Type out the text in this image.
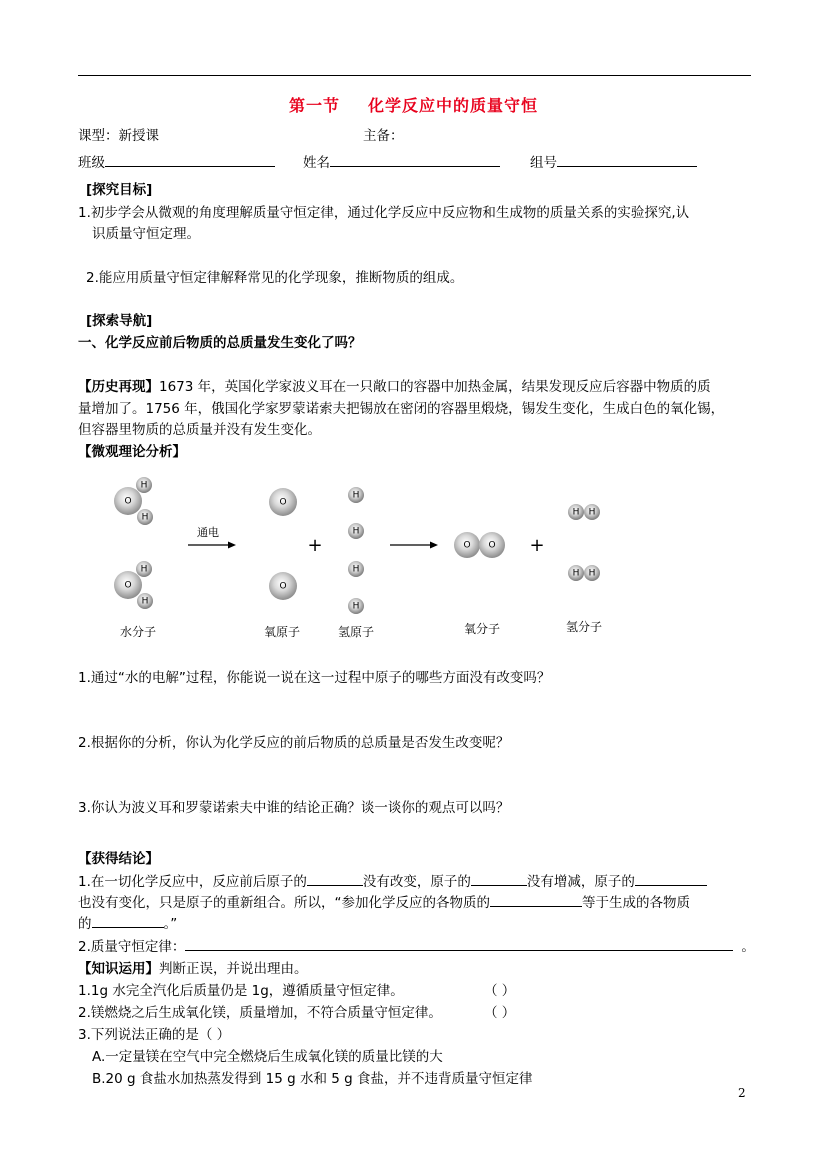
第一节 化学反应中的质量守恒
课型：新授课	主备：
班级	姓名	组号
[探究目标]
1.初步学会从微观的角度理解质量守恒定律，通过化学反应中反应物和生成物的质量关系的实验探究,认
识质量守恒定理。
2.能应用质量守恒定律解释常见的化学现象，推断物质的组成。
[探索导航]
一、化学反应前后物质的总质量发生变化了吗？
【历史再现】1673 年，英国化学家波义耳在一只敞口的容器中加热金属，结果发现反应后容器中物质的质
量增加了。1756 年，俄国化学家罗蒙诺索夫把锡放在密闭的容器里煅烧，锡发生变化，生成白色的氧化锡，
但容器里物质的总质量并没有发生变化。
【微观理论分析】
O
H
H
O
H
H
水分子
通电
O
O
氧原子
+
H
H
H
H
氢原子
O O
氧分子
+
H H
H H
氢分子
1.通过“水的电解”过程，你能说一说在这一过程中原子的哪些方面没有改变吗？
2.根据你的分析，你认为化学反应的前后物质的总质量是否发生改变呢？
3.你认为波义耳和罗蒙诺索夫中谁的结论正确？谈一谈你的观点可以吗？
【获得结论】
1.在一切化学反应中，反应前后原子的	没有改变，原子的	没有增减，原子的
也没有变化，只是原子的重新组合。所以，“参加化学反应的各物质的	等于生成的各物质
的	。”
2.质量守恒定律：	。
【知识运用】判断正误，并说出理由。
1.1g 水完全汽化后质量仍是 1g，遵循质量守恒定律。	（ ）
2.镁燃烧之后生成氧化镁，质量增加，不符合质量守恒定律。	（ ）
3.下列说法正确的是（ ）
A.一定量镁在空气中完全燃烧后生成氧化镁的质量比镁的大
B.20 g 食盐水加热蒸发得到 15 g 水和 5 g 食盐，并不违背质量守恒定律
2
